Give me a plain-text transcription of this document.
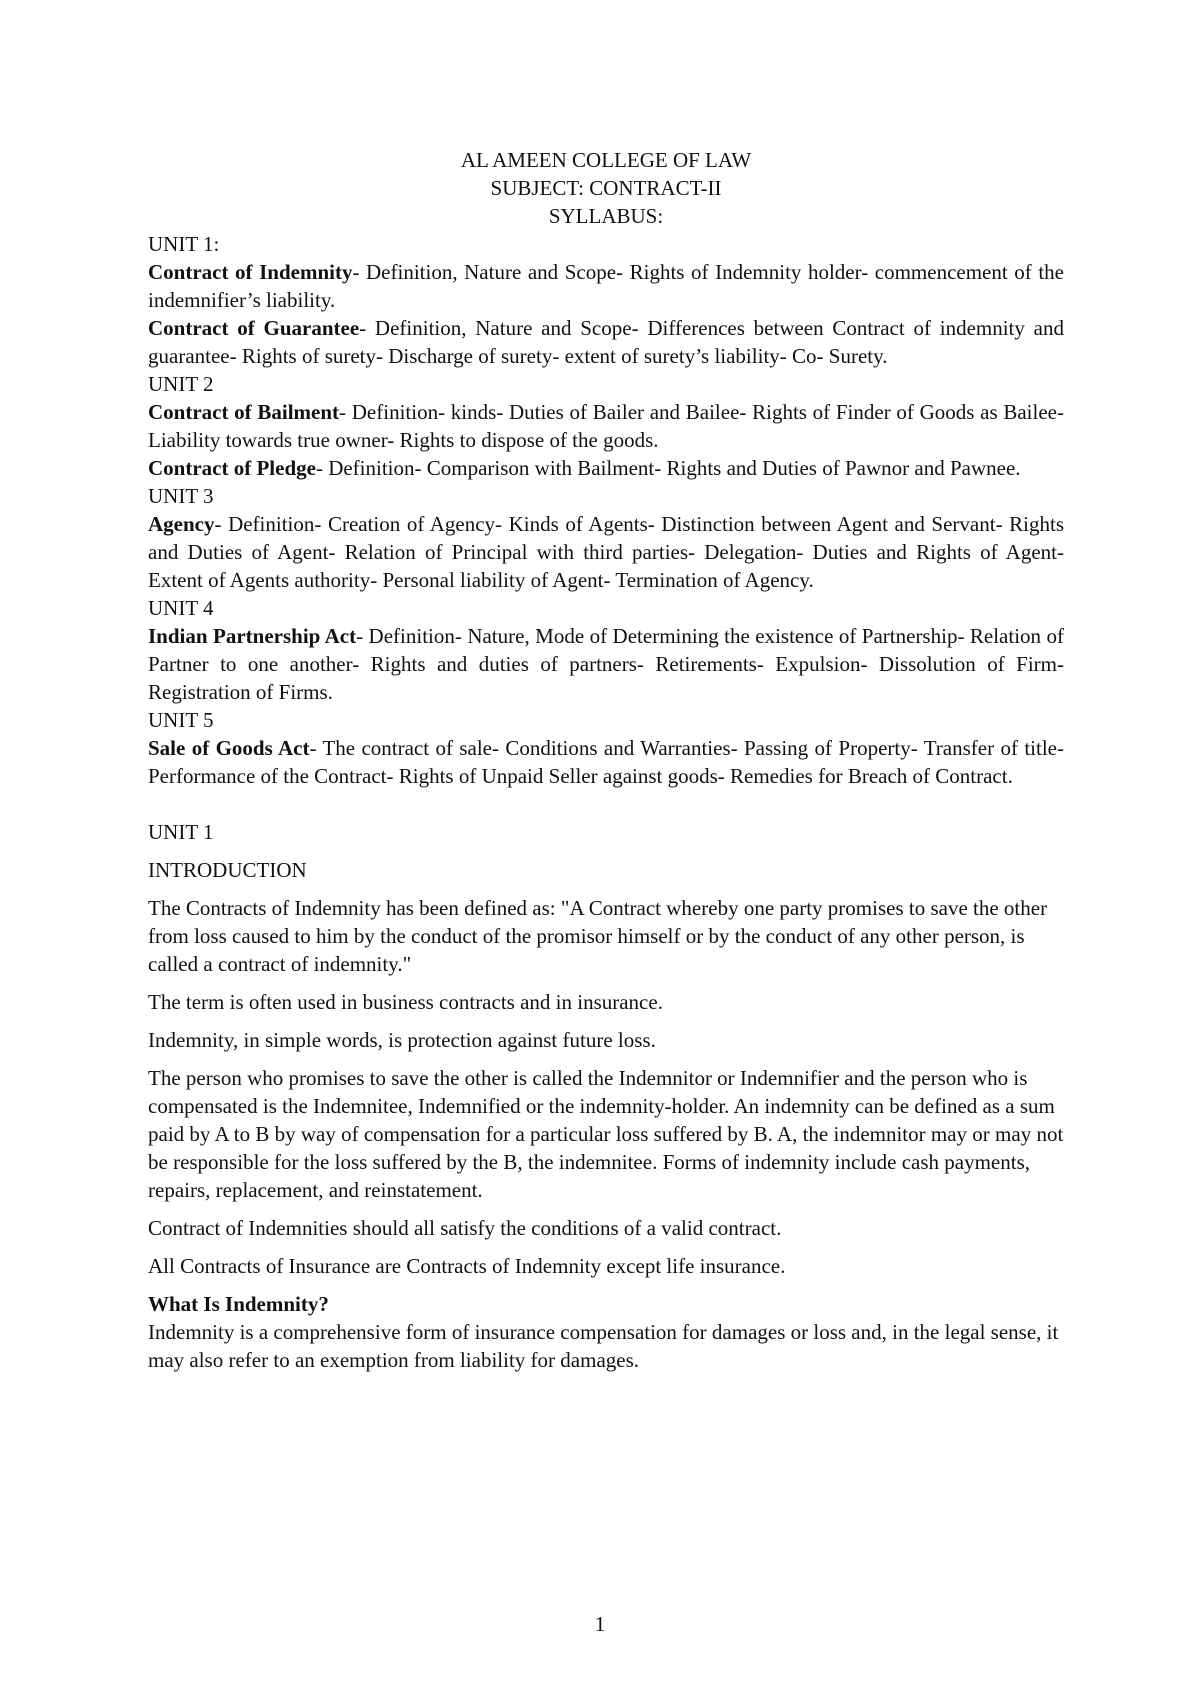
AL AMEEN COLLEGE OF LAW

SUBJECT: CONTRACT-II

SYLLABUS:

UNIT 1:

Contract of Indemnity- Definition, Nature and Scope- Rights of Indemnity holder- commencement of the indemnifier’s liability.

Contract of Guarantee- Definition, Nature and Scope- Differences between Contract of indemnity and guarantee- Rights of surety- Discharge of surety- extent of surety’s liability- Co- Surety.

UNIT 2

Contract of Bailment- Definition- kinds- Duties of Bailer and Bailee- Rights of Finder of Goods as Bailee- Liability towards true owner- Rights to dispose of the goods.

Contract of Pledge- Definition- Comparison with Bailment- Rights and Duties of Pawnor and Pawnee.

UNIT 3

Agency- Definition- Creation of Agency- Kinds of Agents- Distinction between Agent and Servant- Rights and Duties of Agent- Relation of Principal with third parties- Delegation- Duties and Rights of Agent- Extent of Agents authority- Personal liability of Agent- Termination of Agency.

UNIT 4

Indian Partnership Act- Definition- Nature, Mode of Determining the existence of Partnership- Relation of Partner to one another- Rights and duties of partners- Retirements- Expulsion- Dissolution of Firm- Registration of Firms.

UNIT 5

Sale of Goods Act- The contract of sale- Conditions and Warranties- Passing of Property- Transfer of title- Performance of the Contract- Rights of Unpaid Seller against goods- Remedies for Breach of Contract.

UNIT 1

INTRODUCTION

The Contracts of Indemnity has been defined as: "A Contract whereby one party promises to save the other from loss caused to him by the conduct of the promisor himself or by the conduct of any other person, is called a contract of indemnity."

The term is often used in business contracts and in insurance.

Indemnity, in simple words, is protection against future loss.

The person who promises to save the other is called the Indemnitor or Indemnifier and the person who is compensated is the Indemnitee, Indemnified or the indemnity-holder. An indemnity can be defined as a sum paid by A to B by way of compensation for a particular loss suffered by B. A, the indemnitor may or may not be responsible for the loss suffered by the B, the indemnitee. Forms of indemnity include cash payments, repairs, replacement, and reinstatement.

Contract of Indemnities should all satisfy the conditions of a valid contract.

All Contracts of Insurance are Contracts of Indemnity except life insurance.

What Is Indemnity?

Indemnity is a comprehensive form of insurance compensation for damages or loss and, in the legal sense, it may also refer to an exemption from liability for damages.

1
